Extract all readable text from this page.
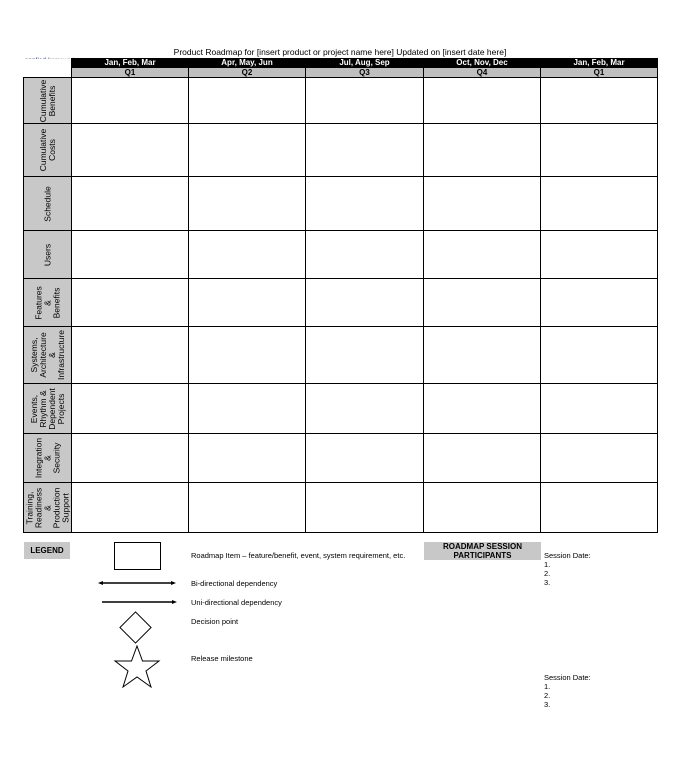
Product Roadmap for [insert product or project name here] Updated on [insert date here]
	Jan, Feb, Mar	Apr, May, Jun	Jul, Aug, Sep	Oct, Nov, Dec	Jan, Feb, Mar
	Q1	Q2	Q3	Q4	Q1

Cumulative
Benefits					

Cumulative
Costs					

Schedule					

Users					

Features &
Benefits					

Systems,
Architecture &
Infrastructure					

Events,
Rhythm &
Dependent
Projects					

Integration &
Security					

Training,
Readiness &
Production
Support					

LEGEND
Roadmap Item – feature/benefit, event, system requirement, etc.
Bi-directional dependency
Uni-directional dependency
Decision point
Release milestone
ROADMAP SESSION PARTICIPANTS	Session Date:
1.
2.
3.
Session Date:
1.
2.
3.
